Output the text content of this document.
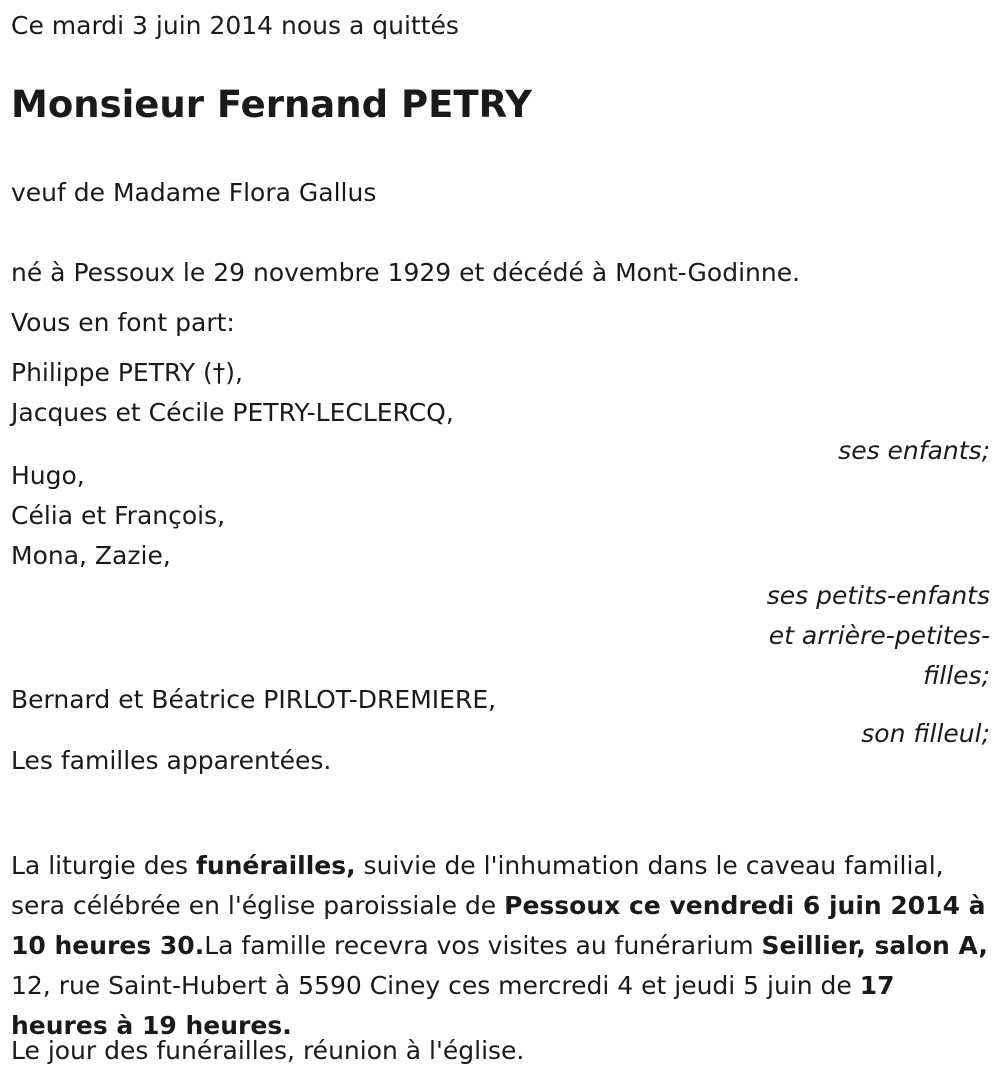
Ce mardi 3 juin 2014 nous a quittés

Monsieur Fernand PETRY

veuf de Madame Flora Gallus

né à Pessoux le 29 novembre 1929 et décédé à Mont-Godinne.

Vous en font part:

Philippe PETRY (†),

Jacques et Cécile PETRY-LECLERCQ,

ses enfants;

Hugo,

Célia et François,

Mona, Zazie,

ses petits-enfants et arrière-petites-filles;

Bernard et Béatrice PIRLOT-DREMIERE,

son filleul;

Les familles apparentées.

La liturgie des funérailles, suivie de l'inhumation dans le caveau familial, sera célébrée en l'église paroissiale de Pessoux ce vendredi 6 juin 2014 à 10 heures 30.La famille recevra vos visites au funérarium Seillier, salon A, 12, rue Saint-Hubert à 5590 Ciney ces mercredi 4 et jeudi 5 juin de 17 heures à 19 heures.

Le jour des funérailles, réunion à l'église.
